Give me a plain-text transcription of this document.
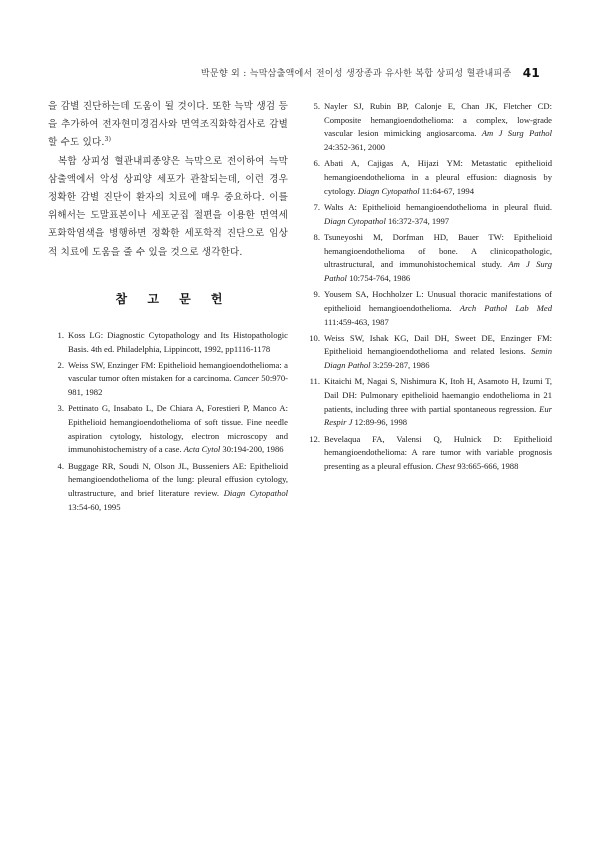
박문향 외 : 늑막삼출액에서 전이성 생장종과 유사한 복합 상피성 혈관내피종 41

을 감별 진단하는데 도움이 될 것이다. 또한 늑막 생검 등을 추가하여 전자현미경검사와 면역조직화학검사로 감별할 수도 있다.$^{3)}$

복합 상피성 혈관내피종양은 늑막으로 전이하여 늑막삼출액에서 악성 상피양 세포가 관찰되는데, 이런 경우 정확한 감별 진단이 환자의 치료에 매우 중요하다. 이를 위해서는 도말표본이나 세포군집 절편을 이용한 면역세포화학염색을 병행하면 정확한 세포학적 진단으로 임상적 치료에 도움을 줄 수 있을 것으로 생각한다.

참 고 문 헌
1. Koss LG: Diagnostic Cytopathology and Its Histopathologic Basis. 4th ed. Philadelphia, Lippincott, 1992, pp1116-1178
2. Weiss SW, Enzinger FM: Epithelioid hemangioendothelioma: a vascular tumor often mistaken for a carcinoma. Cancer 50:970-981, 1982
3. Pettinato G, Insabato L, De Chiara A, Forestieri P, Manco A: Epithelioid hemangioendothelioma of soft tissue. Fine needle aspiration cytology, histology, electron microscopy and immunohistochemistry of a case. Acta Cytol 30:194-200, 1986
4. Buggage RR, Soudi N, Olson JL, Busseniers AE: Epithelioid hemangioendothelioma of the lung: pleural effusion cytology, ultrastructure, and brief literature review. Diagn Cytopathol 13:54-60, 1995
5. Nayler SJ, Rubin BP, Calonje E, Chan JK, Fletcher CD: Composite hemangioendothelioma: a complex, low-grade vascular lesion mimicking angiosarcoma. Am J Surg Pathol 24:352-361, 2000
6. Abati A, Cajigas A, Hijazi YM: Metastatic epithelioid hemangioendothelioma in a pleural effusion: diagnosis by cytology. Diagn Cytopathol 11:64-67, 1994
7. Walts A: Epithelioid hemangioendothelioma in pleural fluid. Diagn Cytopathol 16:372-374, 1997
8. Tsuneyoshi M, Dorfman HD, Bauer TW: Epithelioid hemangioendothelioma of bone. A clinicopathologic, ultrastructural, and immunohistochemical study. Am J Surg Pathol 10:754-764, 1986
9. Yousem SA, Hochholzer L: Unusual thoracic manifestations of epithelioid hemangioendothelioma. Arch Pathol Lab Med 111:459-463, 1987
10. Weiss SW, Ishak KG, Dail DH, Sweet DE, Enzinger FM: Epithelioid hemangioendothelioma and related lesions. Semin Diagn Pathol 3:259-287, 1986
11. Kitaichi M, Nagai S, Nishimura K, Itoh H, Asamoto H, Izumi T, Dail DH: Pulmonary epithelioid haemangio endothelioma in 21 patients, including three with partial spontaneous regression. Eur Respir J 12:89-96, 1998
12. Bevelaqua FA, Valensi Q, Hulnick D: Epithelioid hemangioendothelioma: A rare tumor with variable prognosis presenting as a pleural effusion. Chest 93:665-666, 1988
